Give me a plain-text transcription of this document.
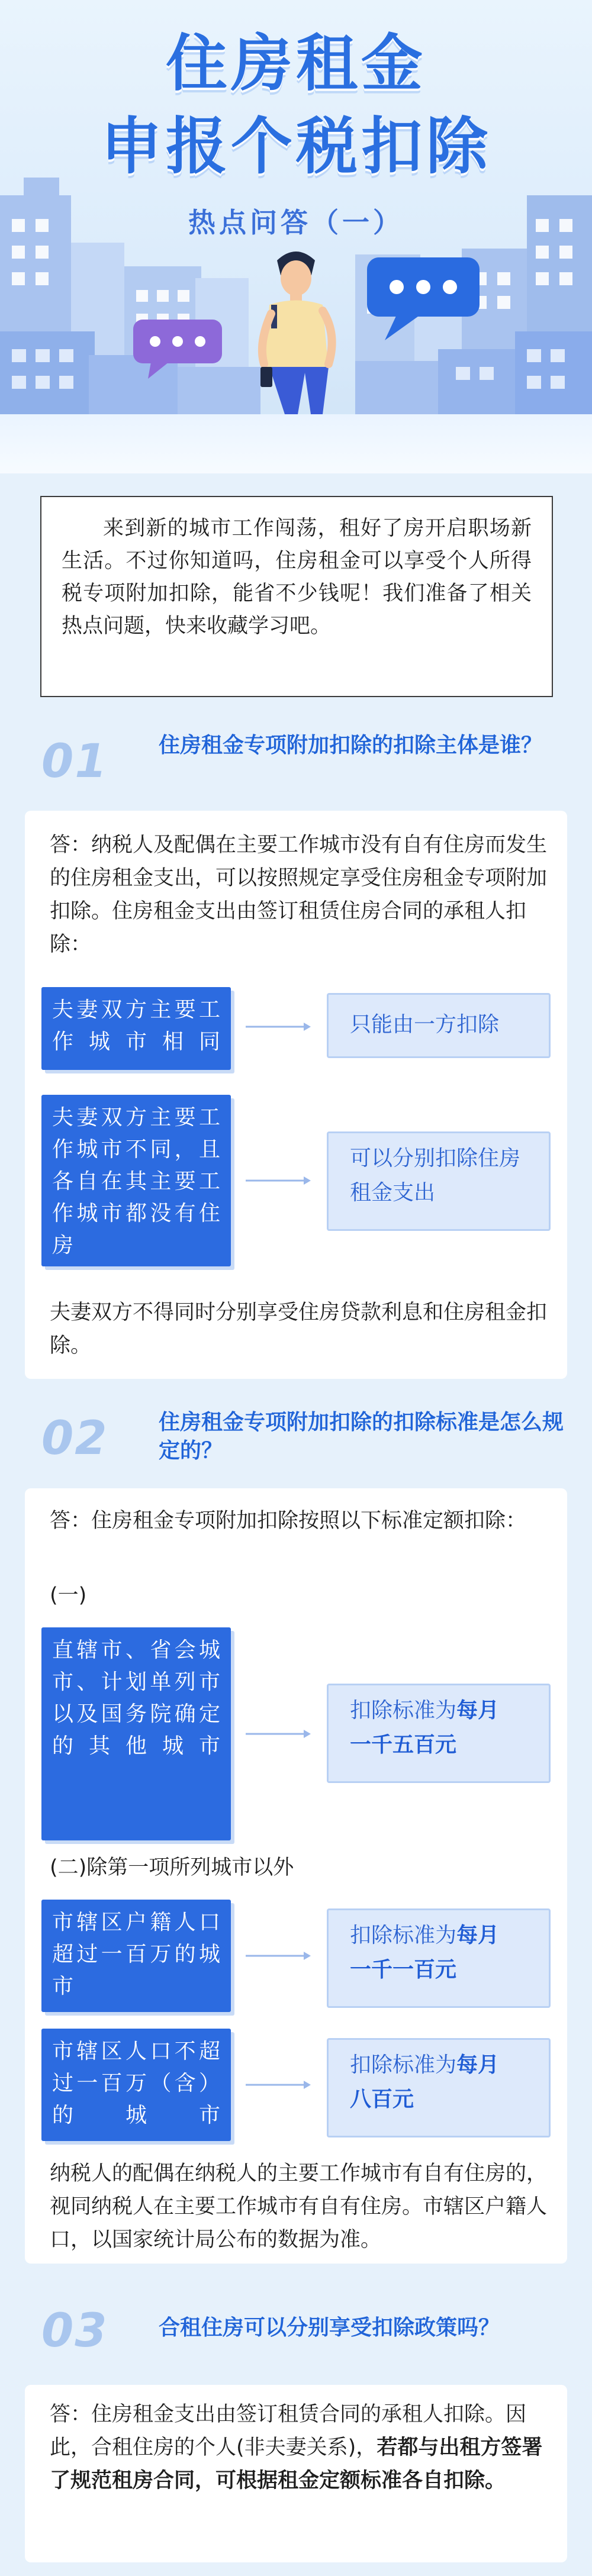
住房租金
申报个税扣除
热点问答（一）
来到新的城市工作闯荡，租好了房开启职场新生活。不过你知道吗，住房租金可以享受个人所得税专项附加扣除，能省不少钱呢！我们准备了相关热点问题，快来收藏学习吧。
01 住房租金专项附加扣除的扣除主体是谁？
答：纳税人及配偶在主要工作城市没有自有住房而发生的住房租金支出，可以按照规定享受住房租金专项附加扣除。住房租金支出由签订租赁住房合同的承租人扣除：
夫妻双方主要工作城市相同
只能由一方扣除
夫妻双方主要工作城市不同，且各自在其主要工作城市都没有住房
可以分别扣除住房租金支出
夫妻双方不得同时分别享受住房贷款利息和住房租金扣除。
02 住房租金专项附加扣除的扣除标准是怎么规定的？
答：住房租金专项附加扣除按照以下标准定额扣除：
(一)
直辖市、省会城市、计划单列市以及国务院确定的其他城市
扣除标准为每月
一千五百元
(二)除第一项所列城市以外
市辖区户籍人口超过一百万的城市
扣除标准为每月
一千一百元
市辖区人口不超过一百万（含）的城市
扣除标准为每月
八百元
纳税人的配偶在纳税人的主要工作城市有自有住房的，视同纳税人在主要工作城市有自有住房。市辖区户籍人口，以国家统计局公布的数据为准。
03 合租住房可以分别享受扣除政策吗？
答：住房租金支出由签订租赁合同的承租人扣除。因此，合租住房的个人(非夫妻关系)，若都与出租方签署了规范租房合同，可根据租金定额标准各自扣除。
